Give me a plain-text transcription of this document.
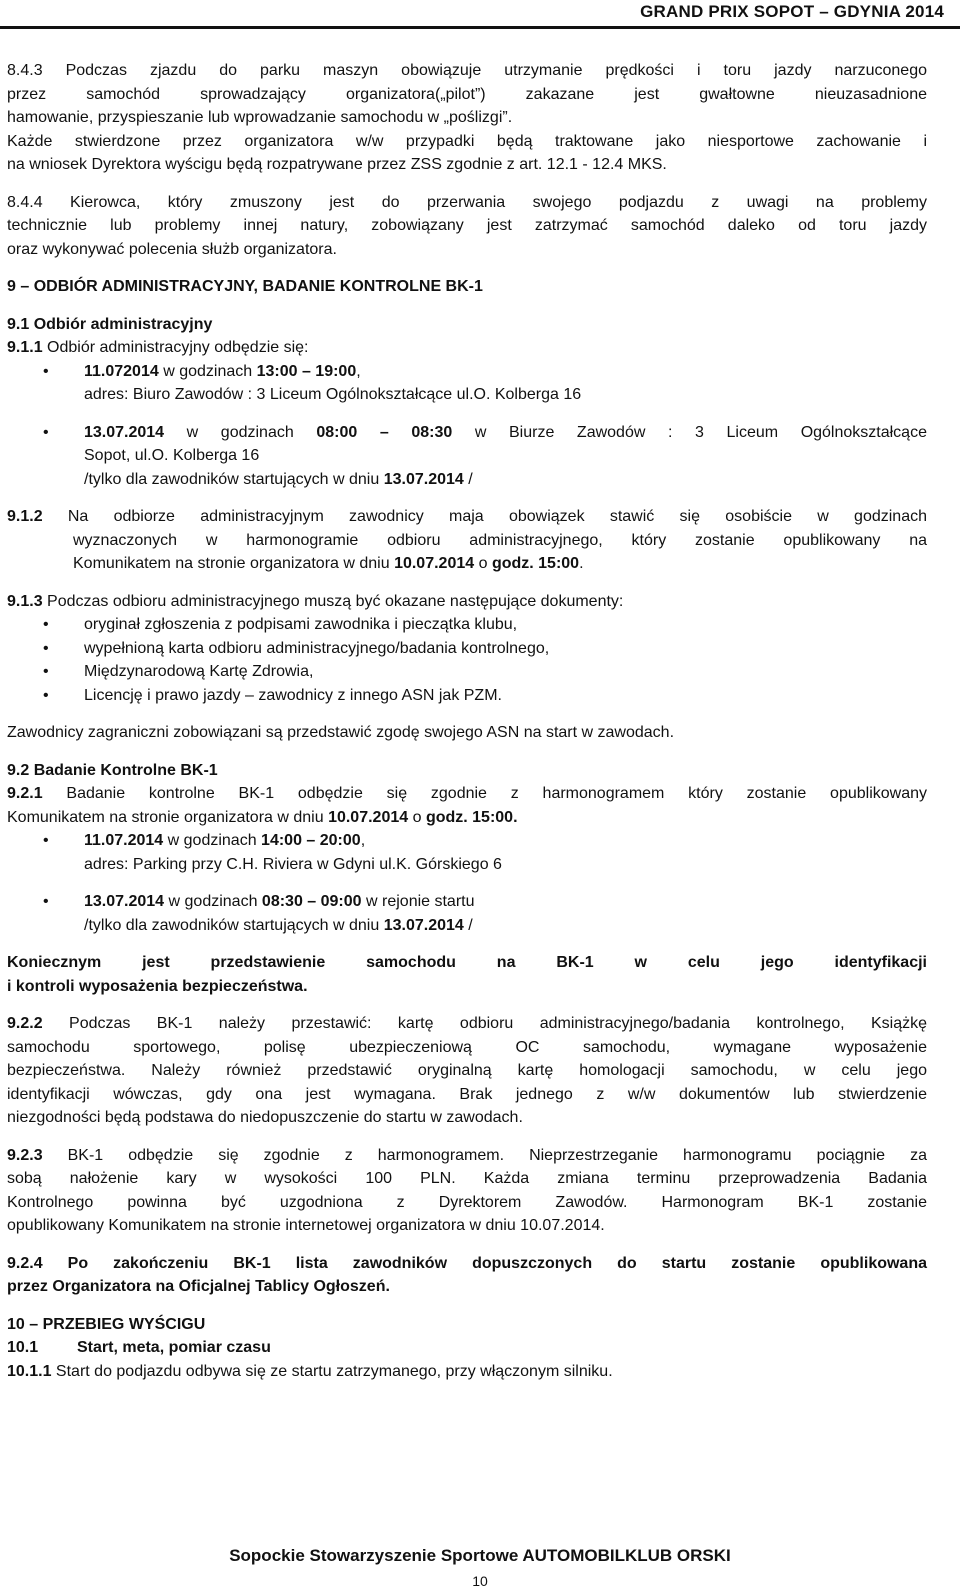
GRAND PRIX SOPOT – GDYNIA 2014

8.4.3 Podczas zjazdu do parku maszyn obowiązuje utrzymanie prędkości i toru jazdy narzuconego

przez samochód sprowadzający organizatora(„pilot”) zakazane jest gwałtowne nieuzasadnione

hamowanie, przyspieszanie lub wprowadzanie samochodu w „poślizgi”.

Każde stwierdzone przez organizatora w/w przypadki będą traktowane jako niesportowe zachowanie i

na wniosek Dyrektora wyścigu będą rozpatrywane przez ZSS zgodnie z art. 12.1 - 12.4 MKS.

8.4.4 Kierowca, który zmuszony jest do przerwania swojego podjazdu z uwagi na problemy

technicznie lub problemy innej natury, zobowiązany jest zatrzymać samochód daleko od toru jazdy

oraz wykonywać polecenia służb organizatora.

9 – ODBIÓR ADMINISTRACYJNY, BADANIE KONTROLNE BK-1

9.1 Odbiór administracyjny

9.1.1 Odbiór administracyjny odbędzie się:

• 11.072014 w godzinach 13:00 – 19:00,

adres: Biuro Zawodów : 3 Liceum Ogólnokształcące ul.O. Kolberga 16

• 13.07.2014 w godzinach 08:00 – 08:30 w Biurze Zawodów : 3 Liceum Ogólnokształcące

Sopot, ul.O. Kolberga 16

/tylko dla zawodników startujących w dniu 13.07.2014 /

9.1.2 Na odbiorze administracyjnym zawodnicy maja obowiązek stawić się osobiście w godzinach

wyznaczonych w harmonogramie odbioru administracyjnego, który zostanie opublikowany na

Komunikatem na stronie organizatora w dniu 10.07.2014 o godz. 15:00.

9.1.3 Podczas odbioru administracyjnego muszą być okazane następujące dokumenty:

• oryginał zgłoszenia z podpisami zawodnika i pieczątka klubu,

• wypełnioną karta odbioru administracyjnego/badania kontrolnego,

• Międzynarodową Kartę Zdrowia,

• Licencję i prawo jazdy – zawodnicy z innego ASN jak PZM.

Zawodnicy zagraniczni zobowiązani są przedstawić zgodę swojego ASN na start w zawodach.

9.2 Badanie Kontrolne BK-1

9.2.1 Badanie kontrolne BK-1 odbędzie się zgodnie z harmonogramem który zostanie opublikowany

Komunikatem na stronie organizatora w dniu 10.07.2014 o godz. 15:00.

• 11.07.2014 w godzinach 14:00 – 20:00,

adres: Parking przy C.H. Riviera w Gdyni ul.K. Górskiego 6

• 13.07.2014 w godzinach 08:30 – 09:00 w rejonie startu

/tylko dla zawodników startujących w dniu 13.07.2014 /

Koniecznym jest przedstawienie samochodu na BK-1 w celu jego identyfikacji

i kontroli wyposażenia bezpieczeństwa.

9.2.2 Podczas BK-1 należy przestawić: kartę odbioru administracyjnego/badania kontrolnego, Książkę

samochodu sportowego, polisę ubezpieczeniową OC samochodu, wymagane wyposażenie

bezpieczeństwa. Należy również przedstawić oryginalną kartę homologacji samochodu, w celu jego

identyfikacji wówczas, gdy ona jest wymagana. Brak jednego z w/w dokumentów lub stwierdzenie

niezgodności będą podstawa do niedopuszczenie do startu w zawodach.

9.2.3 BK-1 odbędzie się zgodnie z harmonogramem. Nieprzestrzeganie harmonogramu pociągnie za

sobą nałożenie kary w wysokości 100 PLN. Każda zmiana terminu przeprowadzenia Badania

Kontrolnego powinna być uzgodniona z Dyrektorem Zawodów. Harmonogram BK-1 zostanie

opublikowany Komunikatem na stronie internetowej organizatora w dniu 10.07.2014.

9.2.4 Po zakończeniu BK-1 lista zawodników dopuszczonych do startu zostanie opublikowana

przez Organizatora na Oficjalnej Tablicy Ogłoszeń.

10 – PRZEBIEG WYŚCIGU

10.1 Start, meta, pomiar czasu

10.1.1 Start do podjazdu odbywa się ze startu zatrzymanego, przy włączonym silniku.

Sopockie Stowarzyszenie Sportowe AUTOMOBILKLUB ORSKI
10
